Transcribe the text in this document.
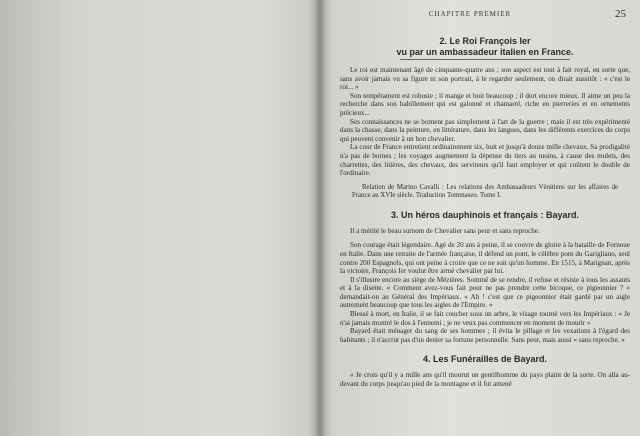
CHAPITRE PREMIER	25
2. Le Roi François Ier
vu par un ambassadeur italien en France.

Le roi est maintenant âgé de cinquante-quatre ans ; son aspect est tout à fait royal, en sorte que, sans avoir jamais vu sa figure ni son portrait, à le regarder seulement, on dirait aussitôt : « c'est le roi... »

Son tempérament est robuste ; il mange et boit beaucoup ; il dort encore mieux. Il aime un peu la recherche dans son habillement qui est galonné et chamarré, riche en pierreries et en ornements précieux...

Ses connaissances ne se bornent pas simplement à l'art de la guerre ; mais il est très expérimenté dans la chasse, dans la peinture, en littérature, dans les langues, dans les différents exercices du corps qui peuvent convenir à un bon chevalier.

La cour de France entretient ordinairement six, huit et jusqu'à douze mille chevaux. Sa prodigalité n'a pas de bornes ; les voyages augmentent la dépense du tiers au moins, à cause des mulets, des charrettes, des litières, des chevaux, des serviteurs qu'il faut employer et qui coûtent le double de l'ordinaire.

Relation de Marino Cavalli : Les relations des Ambassadeurs Vénitiens sur les affaires de France au XVIe siècle. Traduction Tommaseo. Tome I.

3. Un héros dauphinois et français : Bayard.

Il a mérité le beau surnom de Chevalier sans peur et sans reproche.

Son courage était légendaire. Agé de 20 ans à peine, il se couvre de gloire à la bataille de Fornoue en Italie. Dans une retraite de l'armée française, il défend un pont, le célèbre pont du Garigliano, seul contre 200 Espagnols, qui ont peine à croire que ce ne soit qu'un homme. En 1515, à Marignan, après la victoire, François Ier voulut être armé chevalier par lui.

Il s'illustre encore au siège de Mézières. Sommé de se rendre, il refuse et résiste à tous les assauts et à la disette. « Comment avez-vous fait pour ne pas prendre cette bicoque, ce pigeonnier ? » demandait-on au Général des Impériaux. « Ah ! c'est que ce pigeonnier était gardé par un aigle autrement beaucoup que tous les aigles de l'Empire. »

Blessé à mort, en Italie, il se fait coucher sous un arbre, le visage tourné vers les Impériaux : « Je n'ai jamais montré le dos à l'ennemi ; je ne veux pas commencer en moment de mourir »

Bayard était ménager du sang de ses hommes ; il évita le pillage et les vexations à l'égard des habitants ; il n'accrut pas d'un denier sa fortune personnelle. Sans peur, mais aussi « sans reproche. »

4. Les Funérailles de Bayard.

« Je crois qu'il y a mille ans qu'il mourut un gentilhomme du pays plaint de la sorte. On alla au-devant du corps jusqu'au pied de la montagne et il fut amené
